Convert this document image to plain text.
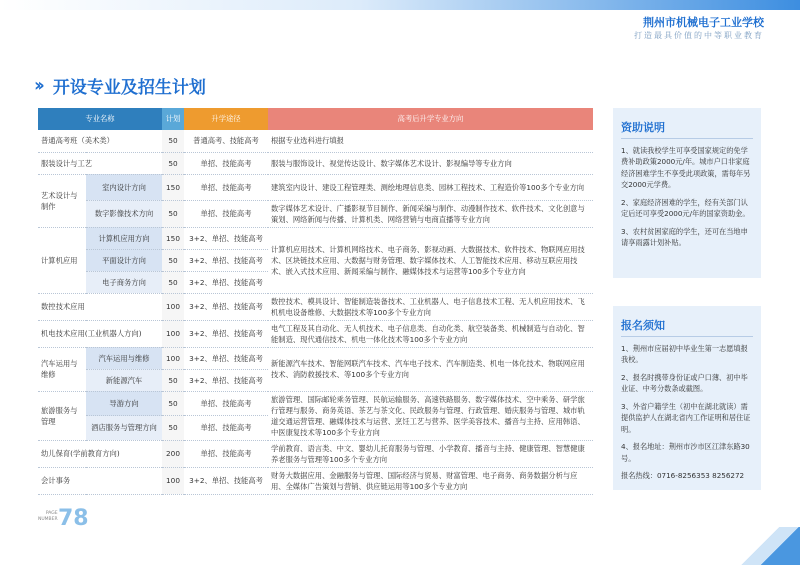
荆州市机械电子工业学校
打造最具价值的中等职业教育
›› 开设专业及招生计划
专业名称		计划	升学途径	高考后升学专业方向
普通高考班（美术类）		50	普通高考、技能高考	根据专业选科进行填报
服装设计与工艺		50	单招、技能高考	服装与服饰设计、视觉传达设计、数字媒体艺术设计、影视编导等专业方向
艺术设计与制作	室内设计方向	150	单招、技能高考	建筑室内设计、建设工程管理类、测绘地理信息类、园林工程技术、工程造价等100多个专业方向
	数字影像技术方向	50	单招、技能高考	数字媒体艺术设计、广播影视节目制作、新闻采编与制作、动漫制作技术、软件技术、文化创意与策划、网络新闻与传播、计算机类、网络营销与电商直播等专业方向
计算机应用	计算机应用方向	150	3+2、单招、技能高考	计算机应用技术、计算机网络技术、电子商务、影视动画、大数据技术、软件技术、物联网应用技术、区块链技术应用、大数据与财务管理、数字媒体技术、人工智能技术应用、移动互联应用技术、嵌入式技术应用、新闻采编与制作、融媒体技术与运营等100多个专业方向
	平面设计方向	50	3+2、单招、技能高考	
	电子商务方向	50	3+2、单招、技能高考	
数控技术应用		100	3+2、单招、技能高考	数控技术、模具设计、智能制造装备技术、工业机器人、电子信息技术工程、无人机应用技术、飞机机电设备维修、大数据技术等100多个专业方向
机电技术应用(工业机器人方向)		100	3+2、单招、技能高考	电气工程及其自动化、无人机技术、电子信息类、自动化类、航空装备类、机械制造与自动化、智能制造、现代通信技术、机电一体化技术等100多个专业方向
汽车运用与维修	汽车运用与维修	100	3+2、单招、技能高考	新能源汽车技术、智能网联汽车技术、汽车电子技术、汽车制造类、机电一体化技术、物联网应用技术、消防救援技术、等100多个专业方向
	新能源汽车	50	3+2、单招、技能高考	
旅游服务与管理	导游方向	50	单招、技能高考	旅游管理、国际邮轮乘务管理、民航运输服务、高速铁路服务、数字媒体技术、空中乘务、研学旅行管理与服务、商务英语、茶艺与茶文化、民政服务与管理、行政管理、婚庆服务与管理、城市轨道交通运营管理、融媒体技术与运营、烹饪工艺与营养、医学美容技术、播音与主持、应用韩语、中医康复技术等100多个专业方向
	酒店服务与管理方向	50	单招、技能高考	
幼儿保育(学前教育方向)		200	单招、技能高考	学前教育、语言类、中文、婴幼儿托育服务与管理、小学教育、播音与主持、健康管理、智慧健康养老服务与管理等100多个专业方向
会计事务		100	3+2、单招、技能高考	财务大数据应用、金融服务与管理、国际经济与贸易、财富管理、电子商务、商务数据分析与应用、全媒体广告策划与营销、供应链运用等100多个专业方向
资助说明

1、就读我校学生可享受国家规定的免学费补助政策2000元/年。城市户口非家庭经济困难学生不享受此项政策，需每年另交2000元学费。

2、家庭经济困难的学生，经有关部门认定后还可享受2000元/年的国家资助金。

3、农村贫困家庭的学生，还可在当地申请享雨露计划补贴。

报名须知

1、荆州市应届初中毕业生第一志愿填报我校。

2、报名时携带身份证或户口薄、初中毕业证、中考分数条或截图。

3、外省户籍学生（初中在湖北就读）需提供监护人在湖北省内工作证明和居住证明。

4、报名地址：荆州市沙市区江津东路30号。

报名热线：0716-8256353 8256272

PAGE
NUMBER 78
